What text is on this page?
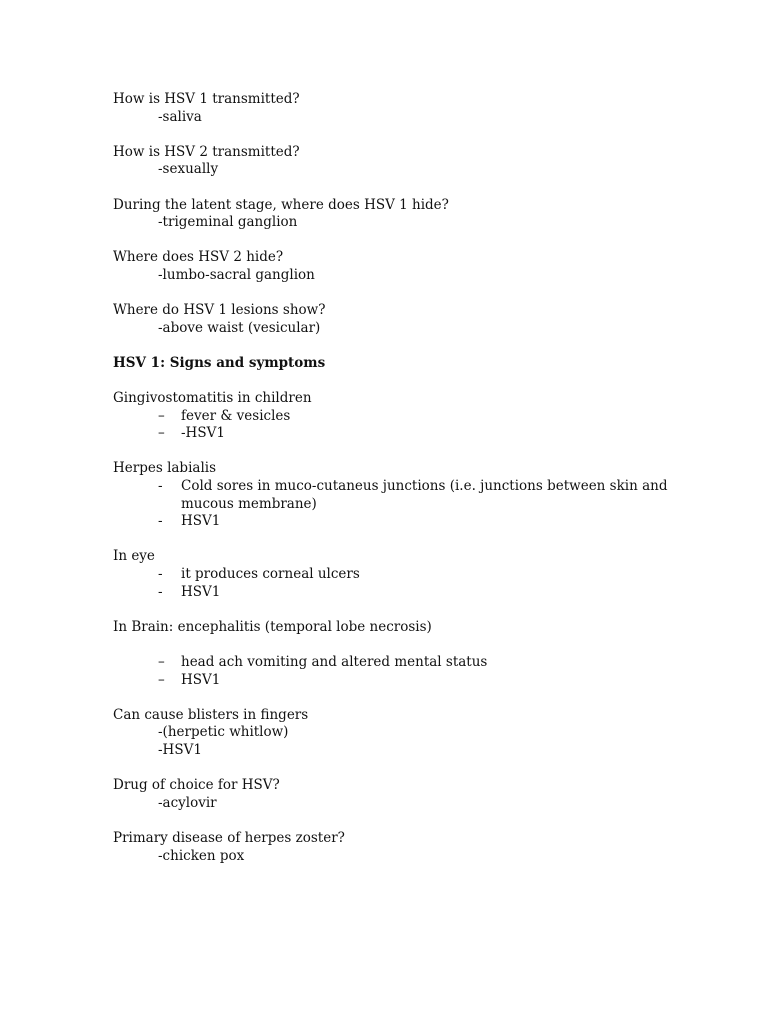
How is HSV 1 transmitted?
-saliva
How is HSV 2 transmitted?
-sexually
During the latent stage, where does HSV 1 hide?
-trigeminal ganglion
Where does HSV 2 hide?
-lumbo-sacral ganglion
Where do HSV 1 lesions show?
-above waist (vesicular)
HSV 1: Signs and symptoms
Gingivostomatitis in children
– fever & vesicles
– -HSV1
Herpes labialis
- Cold sores in muco-cutaneus junctions (i.e. junctions between skin and
mucous membrane)
- HSV1
In eye
- it produces corneal ulcers
- HSV1
In Brain: encephalitis (temporal lobe necrosis)
– head ach vomiting and altered mental status
– HSV1
Can cause blisters in fingers
-(herpetic whitlow)
-HSV1
Drug of choice for HSV?
-acylovir
Primary disease of herpes zoster?
-chicken pox
